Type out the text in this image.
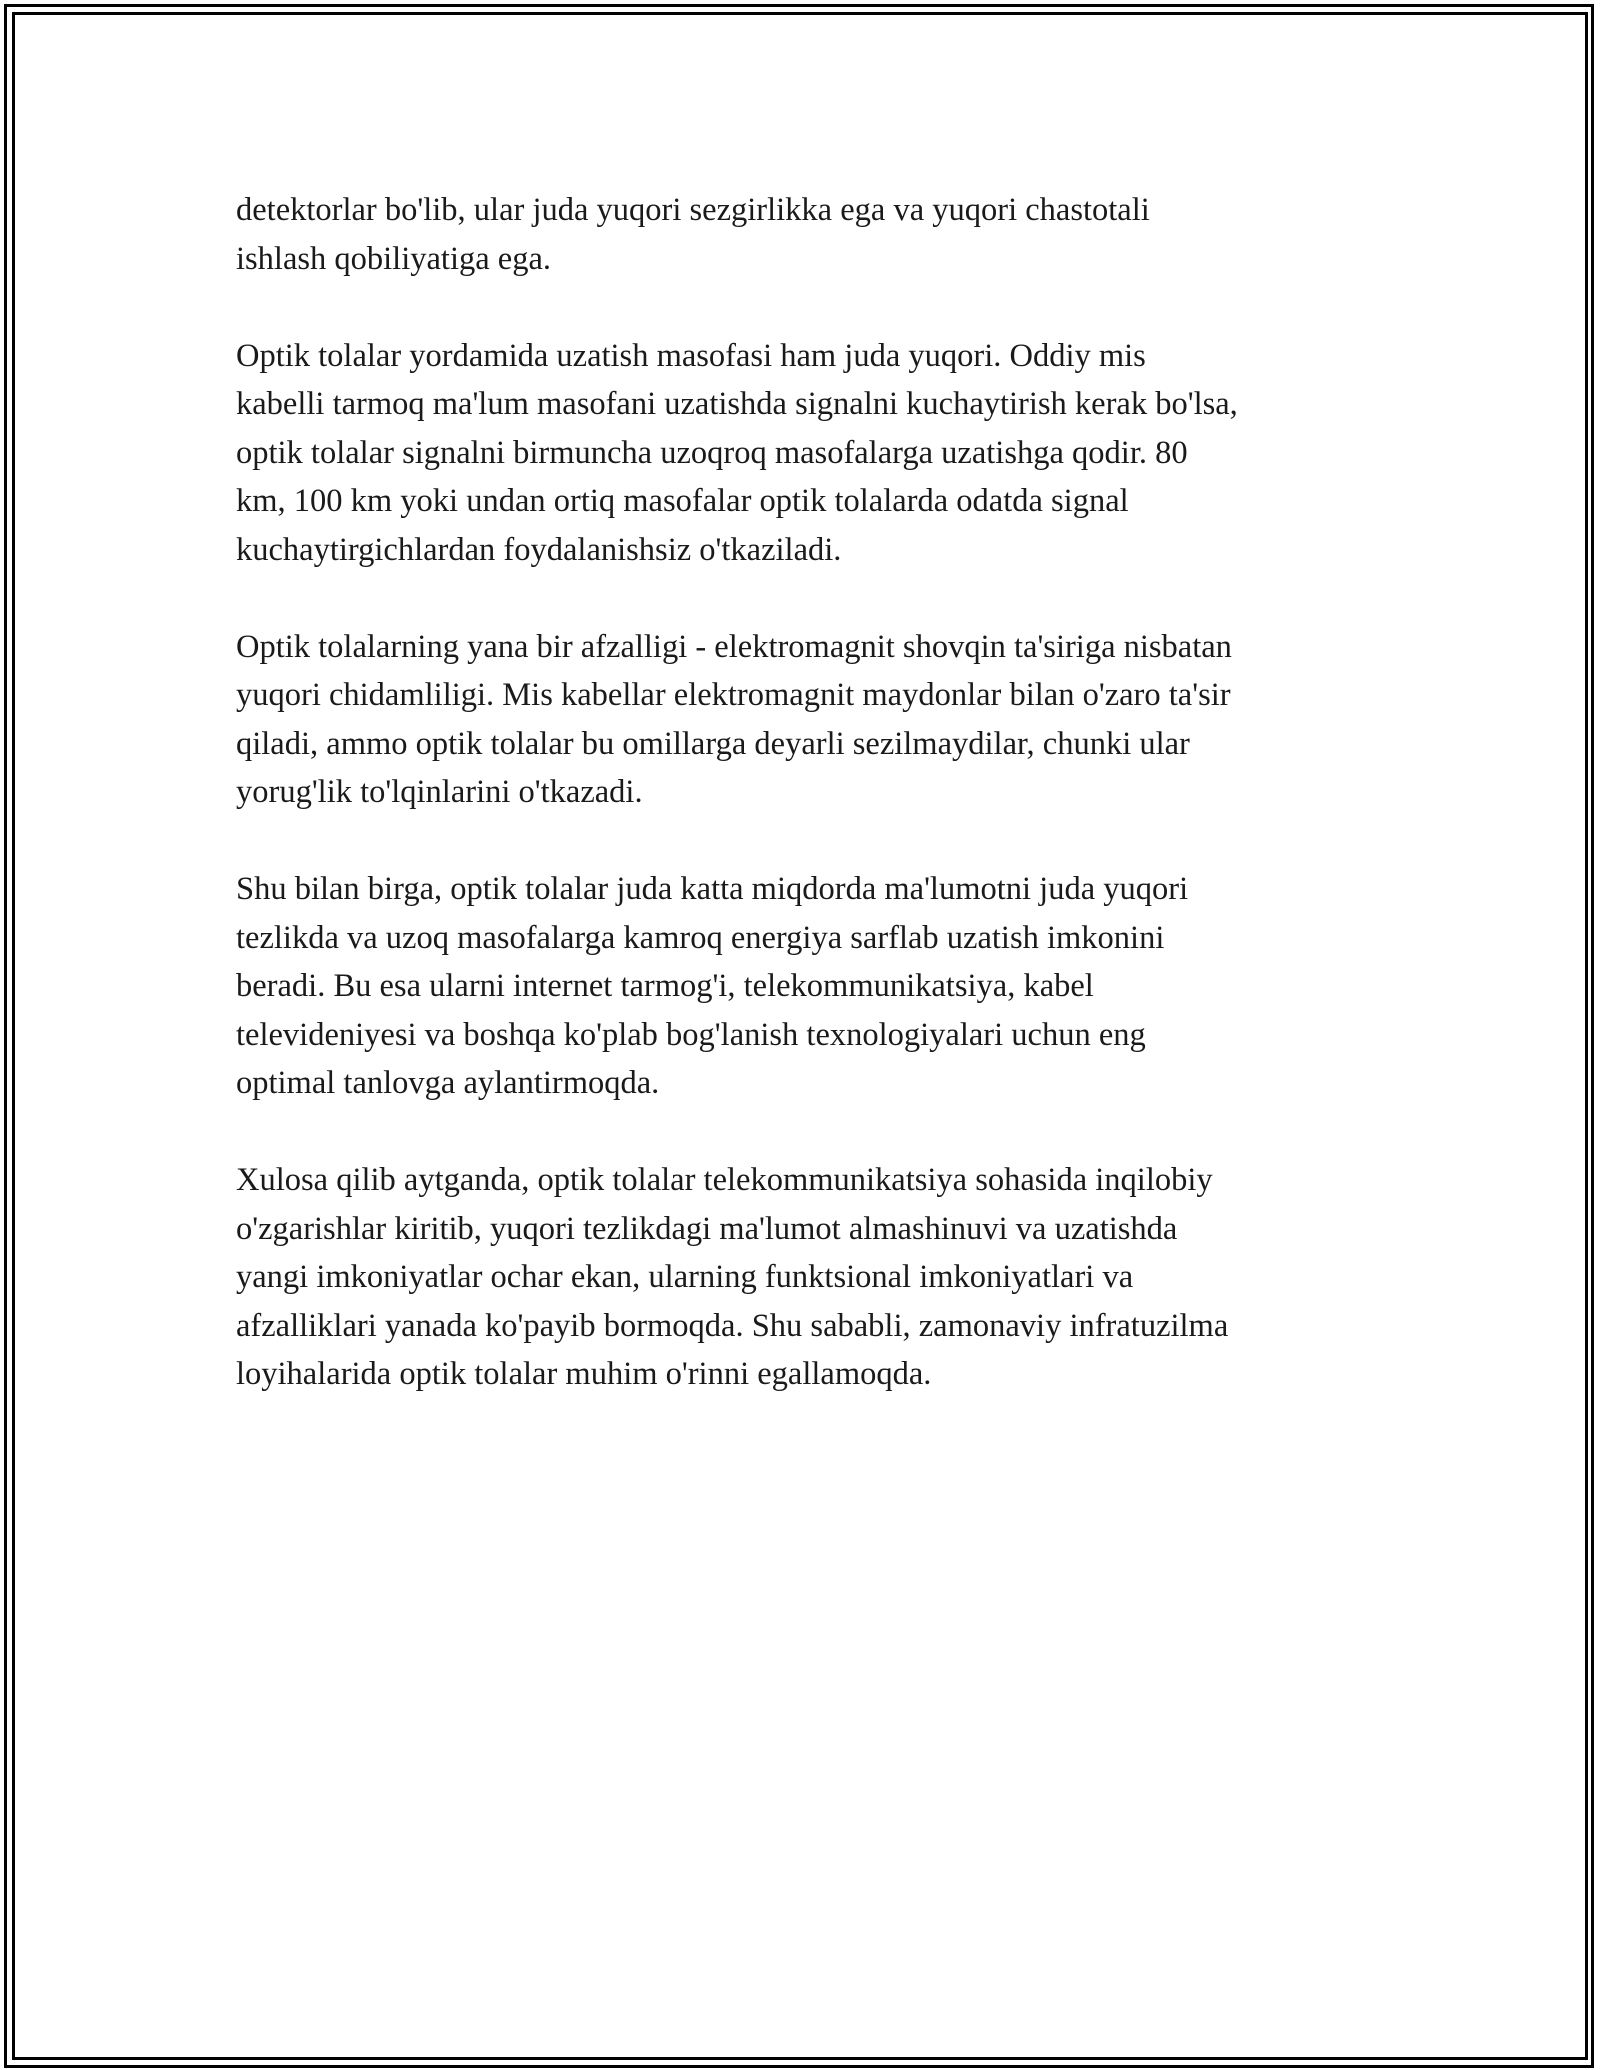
detektorlar bo'lib, ular juda yuqori sezgirlikka ega va yuqori chastotali
ishlash qobiliyatiga ega.

Optik tolalar yordamida uzatish masofasi ham juda yuqori. Oddiy mis
kabelli tarmoq ma'lum masofani uzatishda signalni kuchaytirish kerak bo'lsa,
optik tolalar signalni birmuncha uzoqroq masofalarga uzatishga qodir. 80
km, 100 km yoki undan ortiq masofalar optik tolalarda odatda signal
kuchaytirgichlardan foydalanishsiz o'tkaziladi.

Optik tolalarning yana bir afzalligi - elektromagnit shovqin ta'siriga nisbatan
yuqori chidamliligi. Mis kabellar elektromagnit maydonlar bilan o'zaro ta'sir
qiladi, ammo optik tolalar bu omillarga deyarli sezilmaydilar, chunki ular
yorug'lik to'lqinlarini o'tkazadi.

Shu bilan birga, optik tolalar juda katta miqdorda ma'lumotni juda yuqori
tezlikda va uzoq masofalarga kamroq energiya sarflab uzatish imkonini
beradi. Bu esa ularni internet tarmog'i, telekommunikatsiya, kabel
televideniyesi va boshqa ko'plab bog'lanish texnologiyalari uchun eng
optimal tanlovga aylantirmoqda.

Xulosa qilib aytganda, optik tolalar telekommunikatsiya sohasida inqilobiy
o'zgarishlar kiritib, yuqori tezlikdagi ma'lumot almashinuvi va uzatishda
yangi imkoniyatlar ochar ekan, ularning funktsional imkoniyatlari va
afzalliklari yanada ko'payib bormoqda. Shu sababli, zamonaviy infratuzilma
loyihalarida optik tolalar muhim o'rinni egallamoqda.
